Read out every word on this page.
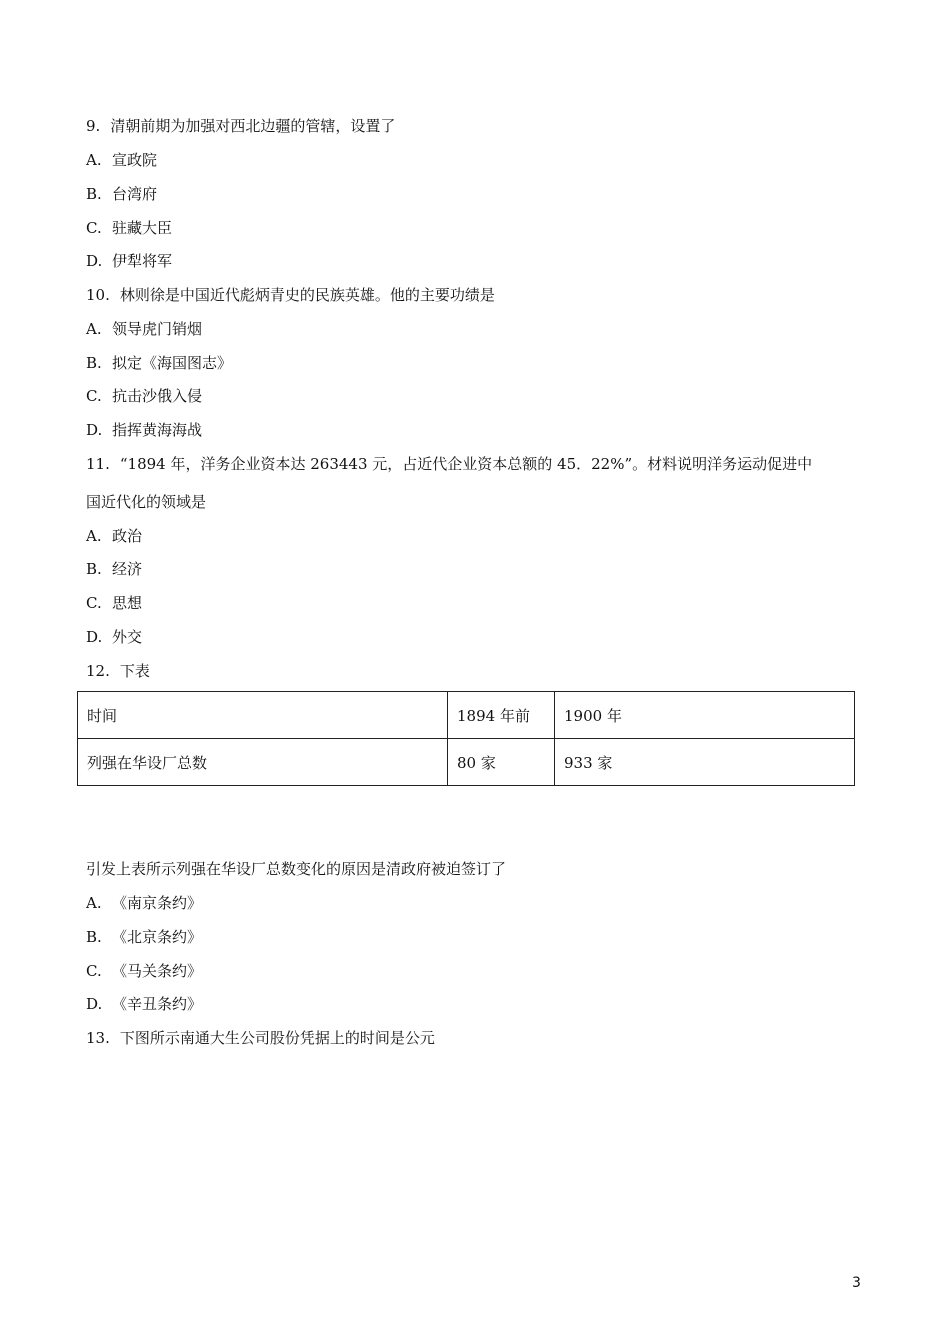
9. 清朝前期为加强对西北边疆的管辖，设置了
A. 宣政院
B. 台湾府
C. 驻藏大臣
D. 伊犁将军
10. 林则徐是中国近代彪炳青史的民族英雄。他的主要功绩是
A. 领导虎门销烟
B. 拟定《海国图志》
C. 抗击沙俄入侵
D. 指挥黄海海战
11. “1894 年，洋务企业资本达 263443 元，占近代企业资本总额的 45．22%”。材料说明洋务运动促进中
国近代化的领域是
A. 政治
B. 经济
C. 思想
D. 外交
12. 下表
时间	1894 年前	1900 年
列强在华设厂总数	80 家	933 家
引发上表所示列强在华设厂总数变化的原因是清政府被迫签订了
A. 《南京条约》
B. 《北京条约》
C. 《马关条约》
D. 《辛丑条约》
13. 下图所示南通大生公司股份凭据上的时间是公元
3
